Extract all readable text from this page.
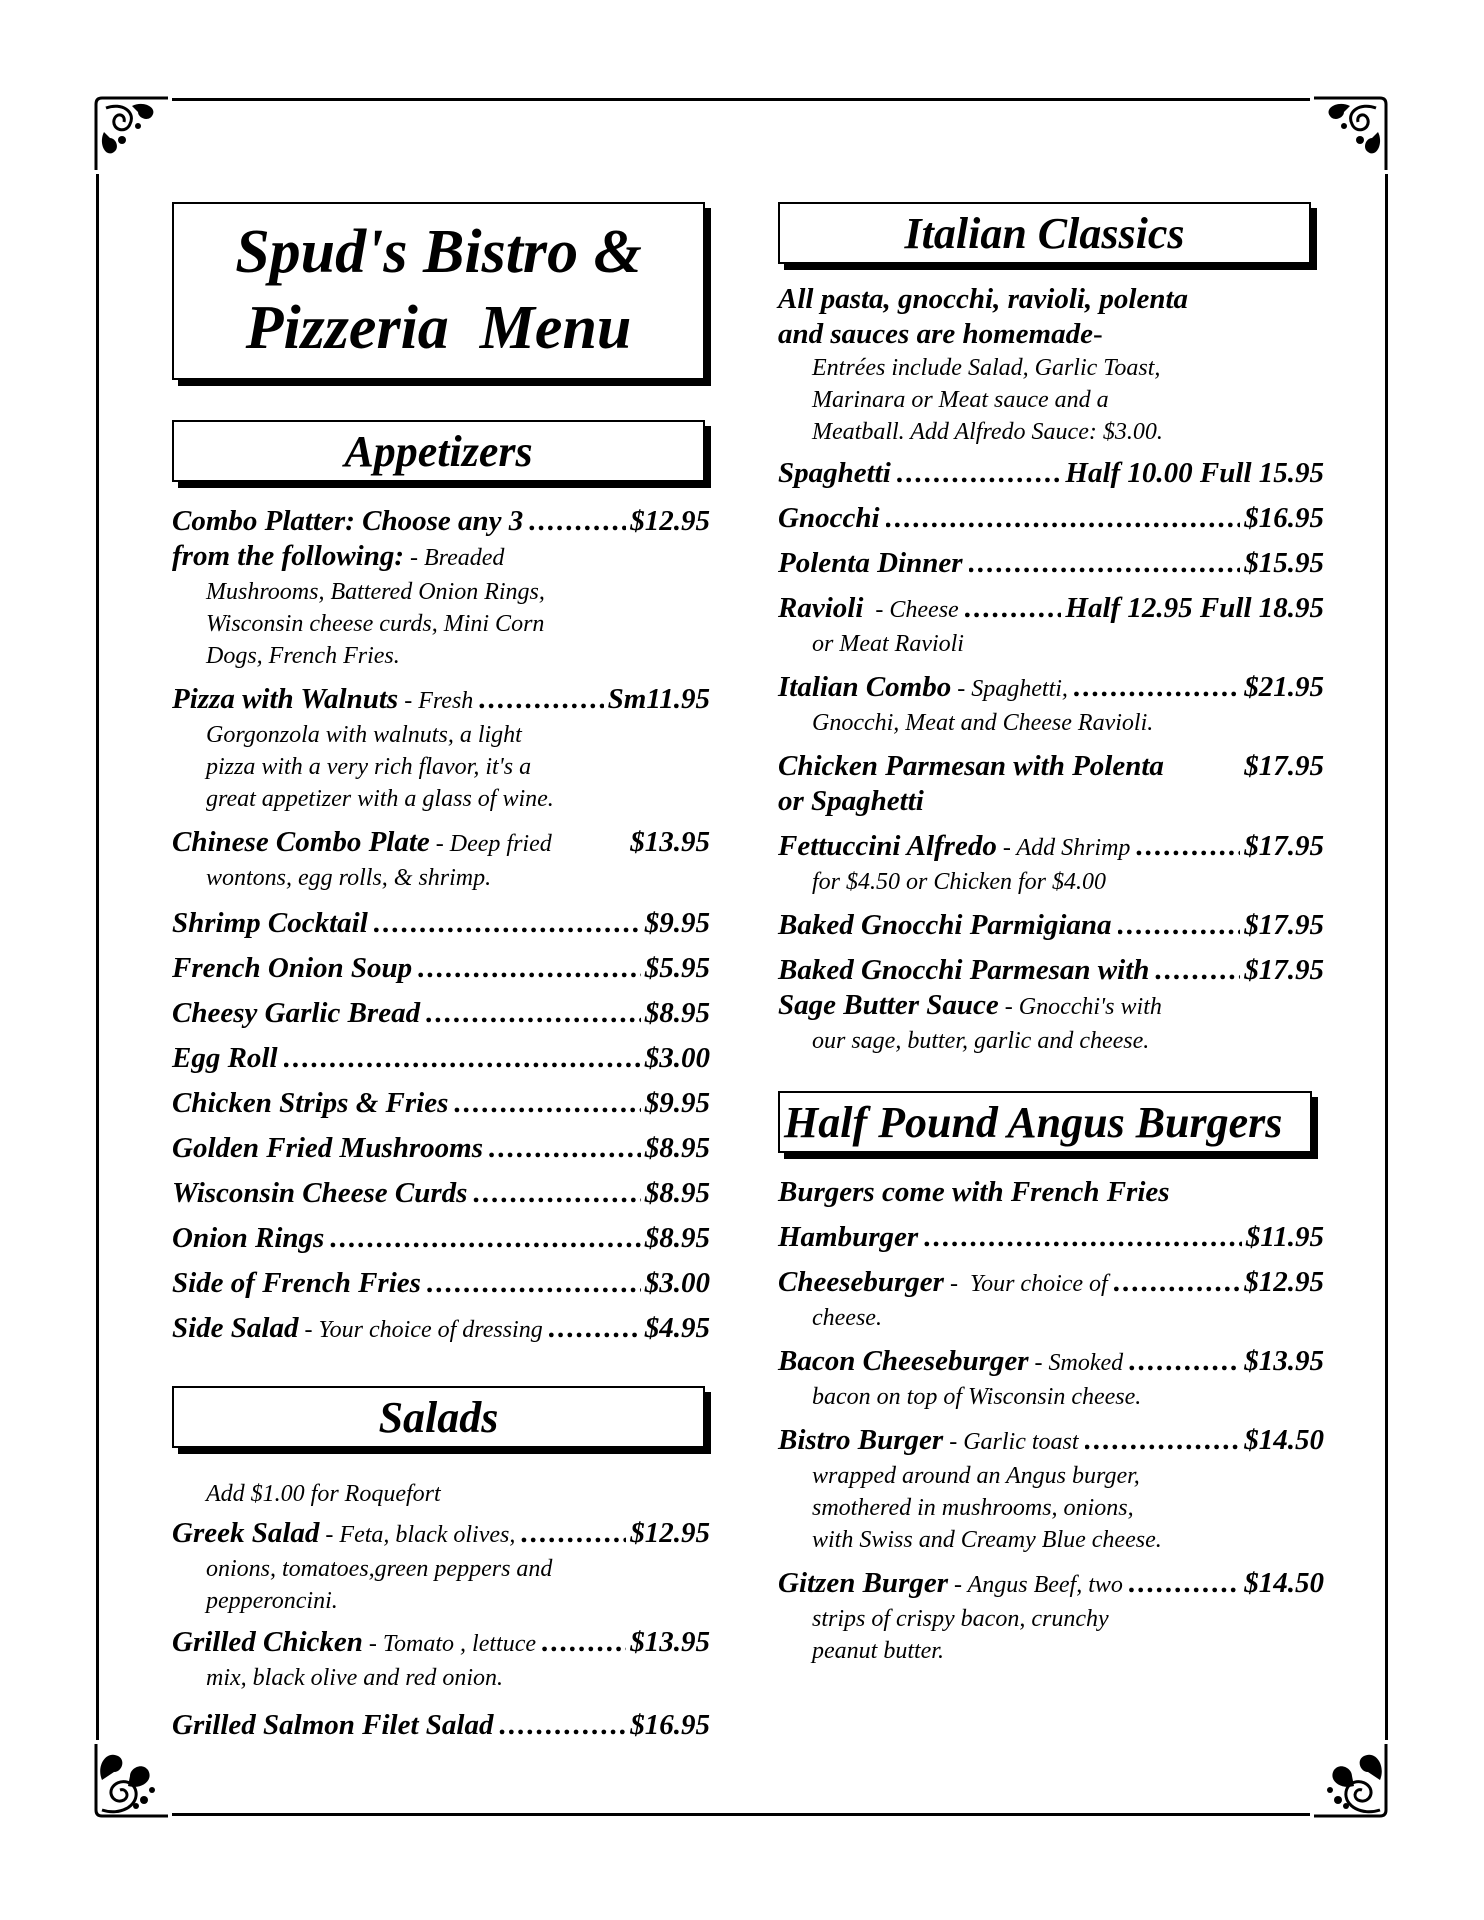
Spud's Bistro &
Pizzeria  Menu
Appetizers
Combo Platter: Choose any 3 .....	$12.95
from the following: - Breaded
Mushrooms, Battered Onion Rings,
Wisconsin cheese curds, Mini Corn
Dogs, French Fries.
Pizza with Walnuts - Fresh .....	Sm11.95
Gorgonzola with walnuts, a light
pizza with a very rich flavor, it's a
great appetizer with a glass of wine.
Chinese Combo Plate - Deep fried	$13.95
wontons, egg rolls, & shrimp.
Shrimp Cocktail .....	$9.95
French Onion Soup .....	$5.95
Cheesy Garlic Bread .....	$8.95
Egg Roll .....	$3.00
Chicken Strips & Fries .....	$9.95
Golden Fried Mushrooms .....	$8.95
Wisconsin Cheese Curds .....	$8.95
Onion Rings .....	$8.95
Side of French Fries .....	$3.00
Side Salad - Your choice of dressing .....	$4.95
Salads
Add $1.00 for Roquefort
Greek Salad - Feta, black olives, .....	$12.95
onions, tomatoes,green peppers and
pepperoncini.
Grilled Chicken - Tomato , lettuce .....	$13.95
mix, black olive and red onion.
Grilled Salmon Filet Salad .....	$16.95
Italian Classics
All pasta, gnocchi, ravioli, polenta
and sauces are homemade-
Entrées include Salad, Garlic Toast,
Marinara or Meat sauce and a
Meatball. Add Alfredo Sauce: $3.00.
Spaghetti .....	Half 10.00 Full 15.95
Gnocchi .....	$16.95
Polenta Dinner .....	$15.95
Ravioli  - Cheese .....	Half 12.95 Full 18.95
or Meat Ravioli
Italian Combo - Spaghetti, .....	$21.95
Gnocchi, Meat and Cheese Ravioli.
Chicken Parmesan with Polenta	$17.95
or Spaghetti
Fettuccini Alfredo - Add Shrimp .....	$17.95
for $4.50 or Chicken for $4.00
Baked Gnocchi Parmigiana .....	$17.95
Baked Gnocchi Parmesan with .....	$17.95
Sage Butter Sauce - Gnocchi's with
our sage, butter, garlic and cheese.
Half Pound Angus Burgers
Burgers come with French Fries
Hamburger .....	$11.95
Cheeseburger -  Your choice of .....	$12.95
cheese.
Bacon Cheeseburger - Smoked .....	$13.95
bacon on top of Wisconsin cheese.
Bistro Burger - Garlic toast .....	$14.50
wrapped around an Angus burger,
smothered in mushrooms, onions,
with Swiss and Creamy Blue cheese.
Gitzen Burger - Angus Beef, two .....	$14.50
strips of crispy bacon, crunchy
peanut butter.
